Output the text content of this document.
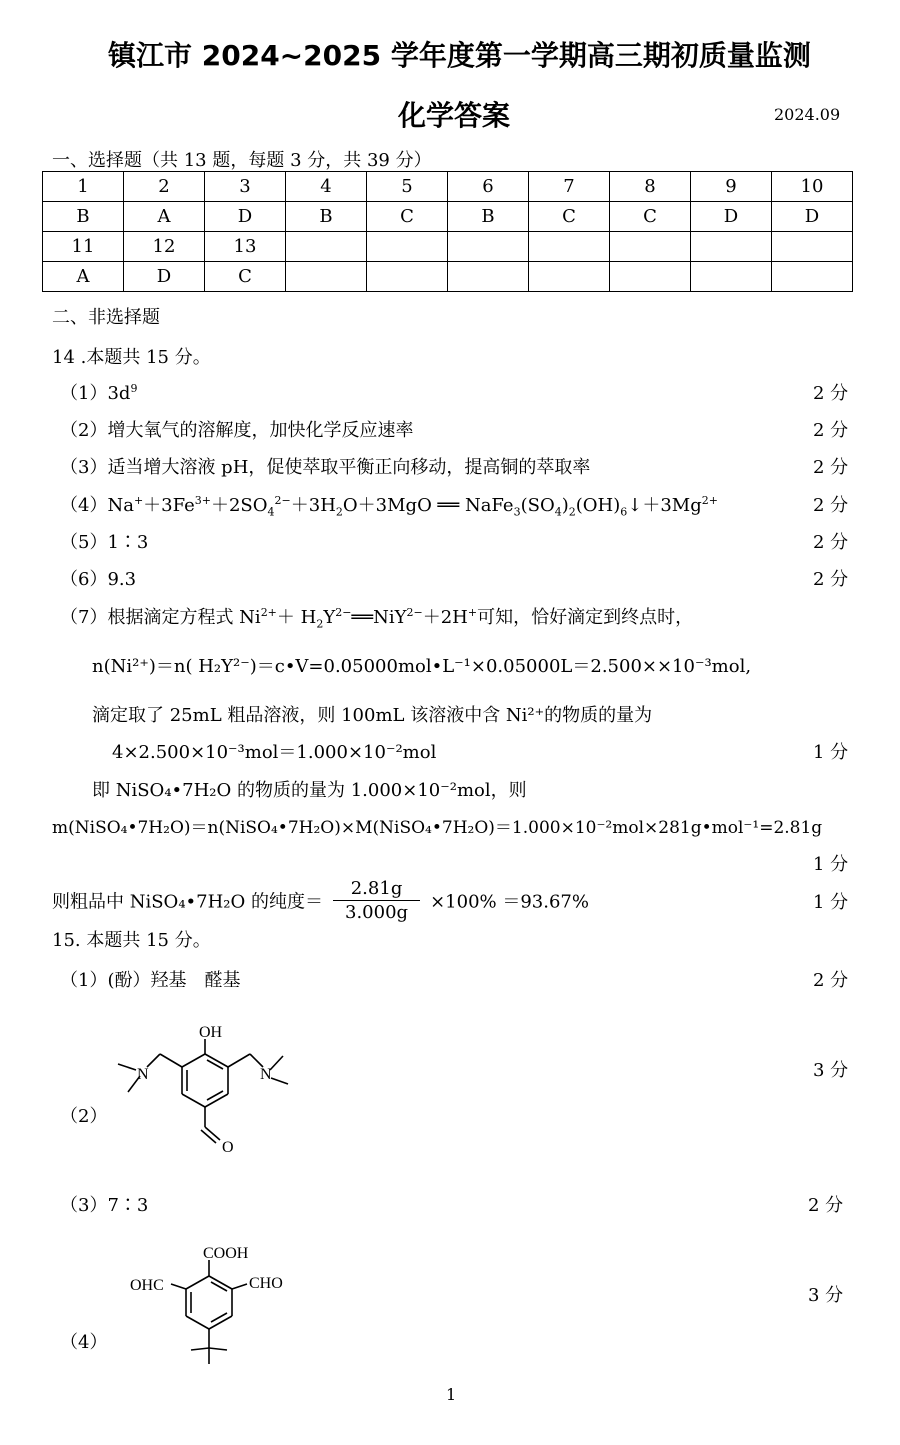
镇江市 2024~2025 学年度第一学期高三期初质量监测
化学答案	2024.09
一、选择题（共 13 题，每题 3 分，共 39 分）
1	2	3	4	5	6	7	8	9	10
B	A	D	B	C	B	C	C	D	D
11	12	13							
A	D	C							
二、非选择题
14 .本题共 15 分。
$(1)3d^9$	2 分
（2）增大氧气的溶解度，加快化学反应速率	2 分
（3）适当增大溶液 pH，促使萃取平衡正向移动，提高铜的萃取率	2 分
$(4)Na^++3Fe^{3+}+2SO_4^{2-}+3H_2O+3MgO$ ══ $NaFe_3(SO_4)_2(OH)_6↓+3Mg^{2+}$	2 分
（5）1∶3	2 分
（6）9.3	2 分
（7）根据滴定方程式 $Ni^{2+}+$ $H_2Y^{2-}══NiY^{2-}+2H^+$可知，恰好滴定到终点时，
n(Ni²⁺)＝n( H₂Y²⁻)＝c•V=0.05000mol•L⁻¹×0.05000L＝2.500××10⁻³mol,
滴定取了 25mL 粗品溶液，则 100mL 该溶液中含 Ni²⁺的物质的量为
4×2.500×10⁻³mol＝1.000×10⁻²mol	1 分
即 NiSO₄•7H₂O 的物质的量为 1.000×10⁻²mol，则
m(NiSO₄•7H₂O)＝n(NiSO₄•7H₂O)×M(NiSO₄•7H₂O)＝1.000×10⁻²mol×281g•mol⁻¹=2.81g
1 分
则粗品中 NiSO₄•7H₂O 的纯度＝ $\frac{2.81g}{3.000g} \times 100\% =93.67\%$	1 分
15. 本题共 15 分。
（1）(酚）羟基　醛基	2 分
（2）
3 分
OH
N	N
O
（3）7∶3	2 分
（4）
3 分
COOH
OHC	CHO
1
